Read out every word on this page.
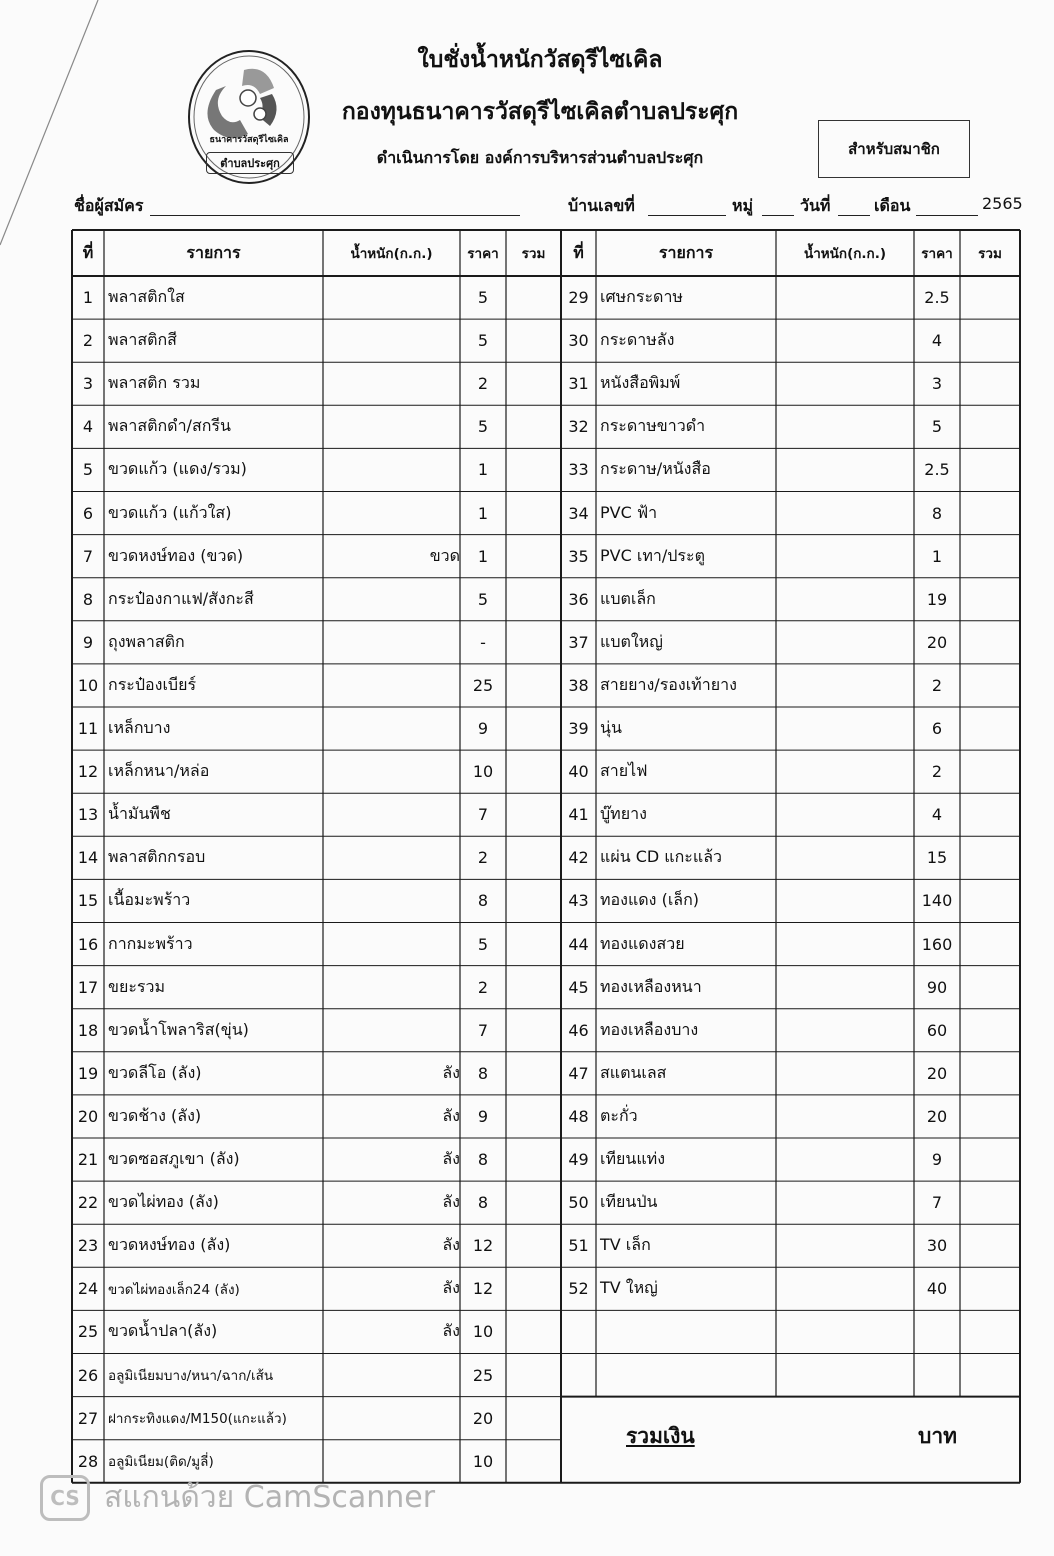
ธนาคารวัสดุรีไซเคิล
ตำบลประศุก
ใบชั่งน้ำหนักวัสดุรีไซเคิล
กองทุนธนาคารวัสดุรีไซเคิลตำบลประศุก
ดำเนินการโดย องค์การบริหารส่วนตำบลประศุก	สำหรับสมาชิก
ชื่อผู้สมัคร	บ้านเลขที่	หมู่	วันที่	เดือน	2565
ที่	รายการ	น้ำหนัก(ก.ก.)	ราคา	รวม	ที่	รายการ	น้ำหนัก(ก.ก.)	ราคา	รวม
1 พลาสติกใส	5
2 พลาสติกสี	5
3 พลาสติก รวม	2
4 พลาสติกดำ/สกรีน	5
5 ขวดแก้ว (แดง/รวม)	1
6 ขวดแก้ว (แก้วใส)	1
7 ขวดหงษ์ทอง (ขวด)	ขวด	1
8 กระป๋องกาแฟ/สังกะสี	5
9 ถุงพลาสติก	-
10 กระป๋องเบียร์	25
11 เหล็กบาง	9
12 เหล็กหนา/หล่อ	10
13 น้ำมันพืช	7
14 พลาสติกกรอบ	2
15 เนื้อมะพร้าว	8
16 กากมะพร้าว	5
17 ขยะรวม	2
18 ขวดน้ำโพลาริส(ขุ่น)	7
19 ขวดลีโอ (ลัง)	ลัง	8
20 ขวดช้าง (ลัง)	ลัง	9
21 ขวดซอสภูเขา (ลัง)	ลัง	8
22 ขวดไผ่ทอง (ลัง)	ลัง	8
23 ขวดหงษ์ทอง (ลัง)	ลัง 12
24 ขวดไผ่ทองเล็ก24 (ลัง)	ลัง 12
25 ขวดน้ำปลา(ลัง)	ลัง 10
26 อลูมิเนียมบาง/หนา/ฉาก/เส้น	25
27 ฝากระทิงแดง/M150(แกะแล้ว)	20
28 อลูมิเนียม(ติด/มูลี่)	10
29 เศษกระดาษ	2.5
30 กระดาษลัง	4
31 หนังสือพิมพ์	3
32 กระดาษขาวดำ	5
33 กระดาษ/หนังสือ	2.5
34 PVC ฟ้า	8
35 PVC เทา/ประตู	1
36 แบตเล็ก	19
37 แบตใหญ่	20
38 สายยาง/รองเท้ายาง	2
39 นุ่น	6
40 สายไฟ	2
41 บู๊ทยาง	4
42 แผ่น CD แกะแล้ว	15
43 ทองแดง (เล็ก)	140
44 ทองแดงสวย	160
45 ทองเหลืองหนา	90
46 ทองเหลืองบาง	60
47 สแตนเลส	20
48 ตะกั่ว	20
49 เทียนแท่ง	9
50 เทียนป่น	7
51 TV เล็ก	30
52 TV ใหญ่	40
รวมเงิน	บาท
CS สแกนด้วย CamScanner
